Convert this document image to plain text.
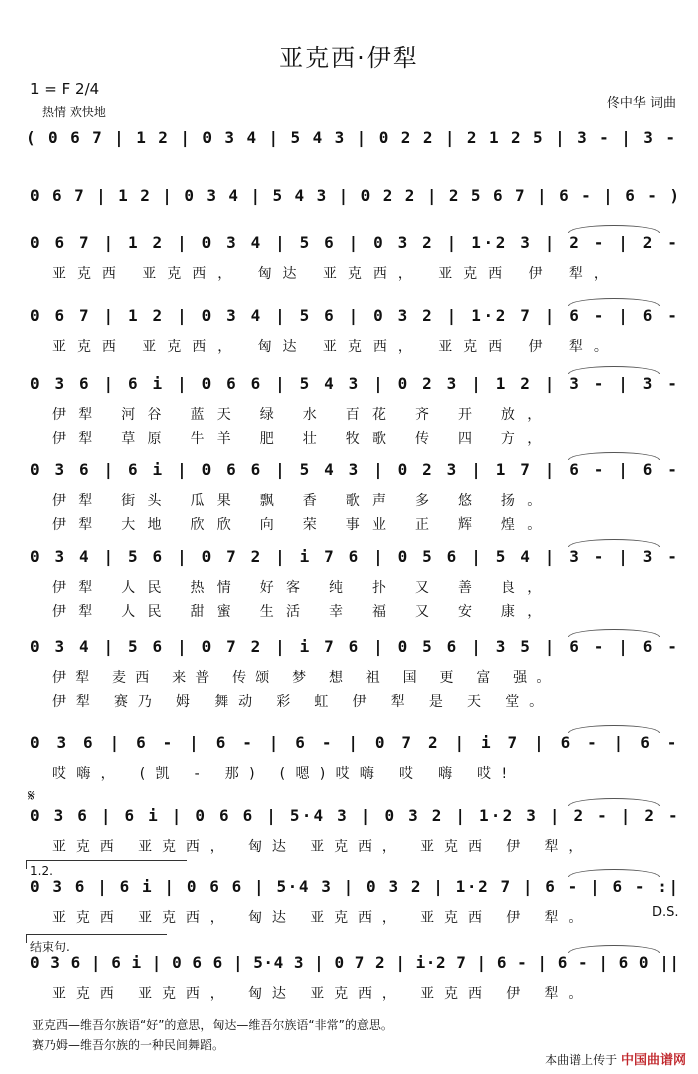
亚克西·伊犁
1 = F 2/4
热情 欢快地
佟中华 词曲
( 0 6 7 | 1 2 | 0 3 4 | 5 4 3 | 0 2 2 | 2 1 2 5 | 3 - | 3 -
0 6 7 | 1 2 | 0 3 4 | 5 4 3 | 0 2 2 | 2 5 6 7 | 6 - | 6 - )
0 6 7 | 1 2 | 0 3 4 | 5 6 | 0 3 2 | 1·2 3 | 2 - | 2 -
亚克西 亚克西， 匈达 亚克西， 亚克西 伊 犁，
0 6 7 | 1 2 | 0 3 4 | 5 6 | 0 3 2 | 1·2 7 | 6 - | 6 -
亚克西 亚克西， 匈达 亚克西， 亚克西 伊 犁。
0 3 6 | 6 i | 0 6 6 | 5 4 3 | 0 2 3 | 1 2 | 3 - | 3 -
伊犁 河谷 蓝天 绿 水 百花 齐 开 放，
伊犁 草原 牛羊 肥 壮 牧歌 传 四 方，
0 3 6 | 6 i | 0 6 6 | 5 4 3 | 0 2 3 | 1 7 | 6 - | 6 -
伊犁 街头 瓜果 飘 香 歌声 多 悠 扬。
伊犁 大地 欣欣 向 荣 事业 正 辉 煌。
0 3 4 | 5 6 | 0 7 2 | i 7 6 | 0 5 6 | 5 4 | 3 - | 3 -
伊犁 人民 热情 好客 纯 扑 又 善 良，
伊犁 人民 甜蜜 生活 幸 福 又 安 康，
0 3 4 | 5 6 | 0 7 2 | i 7 6 | 0 5 6 | 3 5 | 6 - | 6 -
伊犁 麦西 来普 传颂 梦 想 祖 国 更 富 强。
伊犁 赛乃 姆 舞动 彩 虹 伊 犁 是 天 堂。
0 3 6 | 6 - | 6 - | 6 - | 0 7 2 | i 7 | 6 - | 6 -
哎嗨， (凯 - 那) (嗯)哎嗨 哎 嗨 哎!
0 3 6 | 6 i | 0 6 6 | 5·4 3 | 0 3 2 | 1·2 3 | 2 - | 2 -
亚克西 亚克西， 匈达 亚克西， 亚克西 伊 犁，
0 3 6 | 6 i | 0 6 6 | 5·4 3 | 0 3 2 | 1·2 7 | 6 - | 6 - :|
亚克西 亚克西， 匈达 亚克西， 亚克西 伊 犁。
0 3 6 | 6 i | 0 6 6 | 5·4 3 | 0 7 2 | i·2 7 | 6 - | 6 - | 6 0 ||
亚克西 亚克西， 匈达 亚克西， 亚克西 伊 犁。
𝄋
1.2.
结束句.
D.S.
亚克西—维吾尔族语“好”的意思，匈达—维吾尔族语“非常”的意思。
赛乃姆—维吾尔族的一种民间舞蹈。
本曲谱上传于 中国曲谱网
